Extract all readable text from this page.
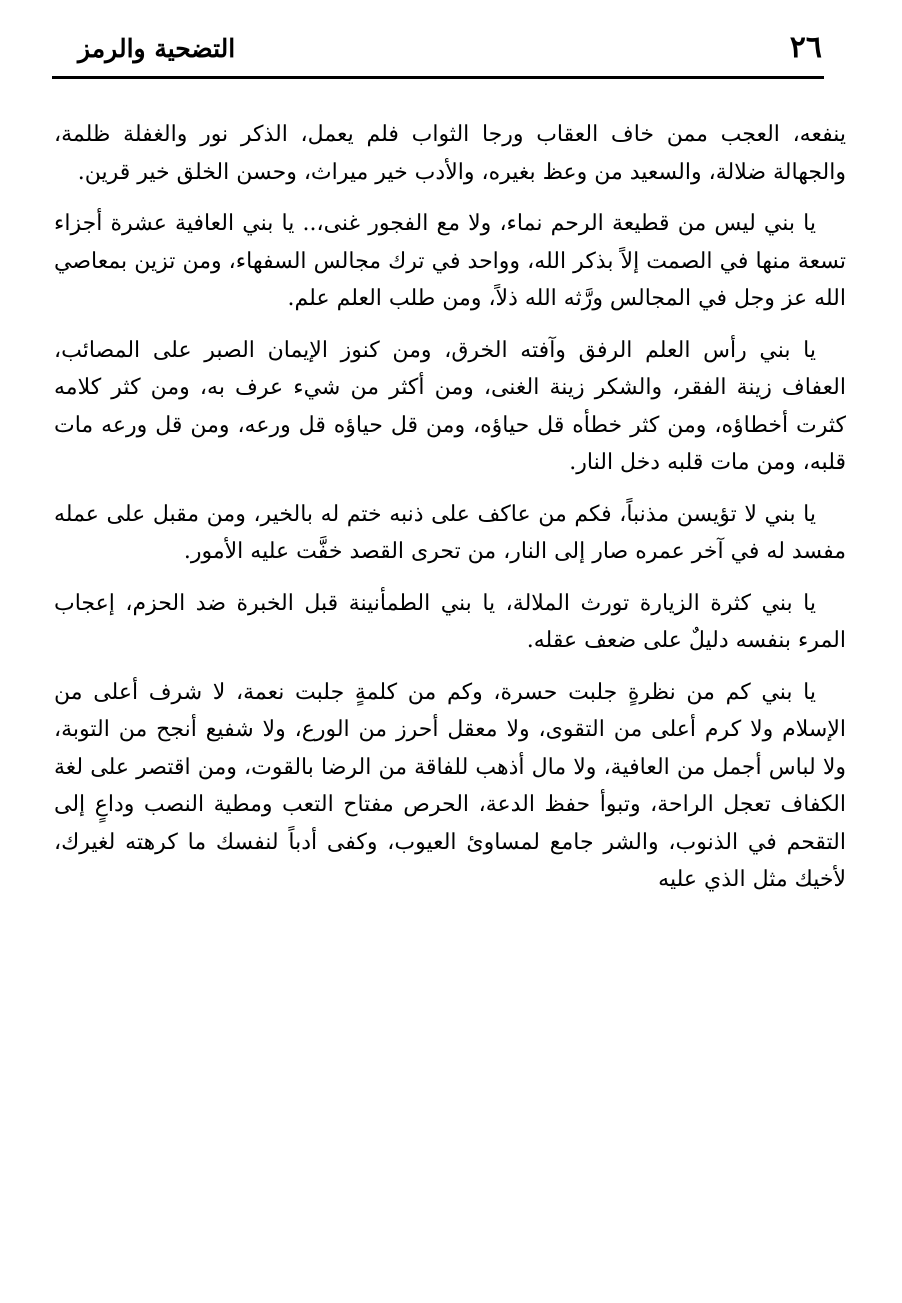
٢٦
التضحية والرمز

ينفعه، العجب ممن خاف العقاب ورجا الثواب فلم يعمل، الذكر نور والغفلة ظلمة، والجهالة ضلالة، والسعيد من وعظ بغيره، والأدب خير ميراث، وحسن الخلق خير قرين.

يا بني ليس من قطيعة الرحم نماء، ولا مع الفجور غنى،.. يا بني العافية عشرة أجزاء تسعة منها في الصمت إلاً بذكر الله، وواحد في ترك مجالس السفهاء، ومن تزين بمعاصي الله عز وجل في المجالس ورَّثه الله ذلاً، ومن طلب العلم علم.

يا بني رأس العلم الرفق وآفته الخرق، ومن كنوز الإيمان الصبر على المصائب، العفاف زينة الفقر، والشكر زينة الغنى، ومن أكثر من شيء عرف به، ومن كثر كلامه كثرت أخطاؤه، ومن كثر خطأه قل حياؤه، ومن قل حياؤه قل ورعه، ومن قل ورعه مات قلبه، ومن مات قلبه دخل النار.

يا بني لا تؤيسن مذنباً، فكم من عاكف على ذنبه ختم له بالخير، ومن مقبل على عمله مفسد له في آخر عمره صار إلى النار، من تحرى القصد خفَّت عليه الأمور.

يا بني كثرة الزيارة تورث الملالة، يا بني الطمأنينة قبل الخبرة ضد الحزم، إعجاب المرء بنفسه دليلٌ على ضعف عقله.

يا بني كم من نظرةٍ جلبت حسرة، وكم من كلمةٍ جلبت نعمة، لا شرف أعلى من الإسلام ولا كرم أعلى من التقوى، ولا معقل أحرز من الورع، ولا شفيع أنجح من التوبة، ولا لباس أجمل من العافية، ولا مال أذهب للفاقة من الرضا بالقوت، ومن اقتصر على لغة الكفاف تعجل الراحة، وتبوأ حفظ الدعة، الحرص مفتاح التعب ومطية النصب وداعٍ إلى التقحم في الذنوب، والشر جامع لمساوئ العيوب، وكفى أدباً لنفسك ما كرهته لغيرك، لأخيك مثل الذي عليه
